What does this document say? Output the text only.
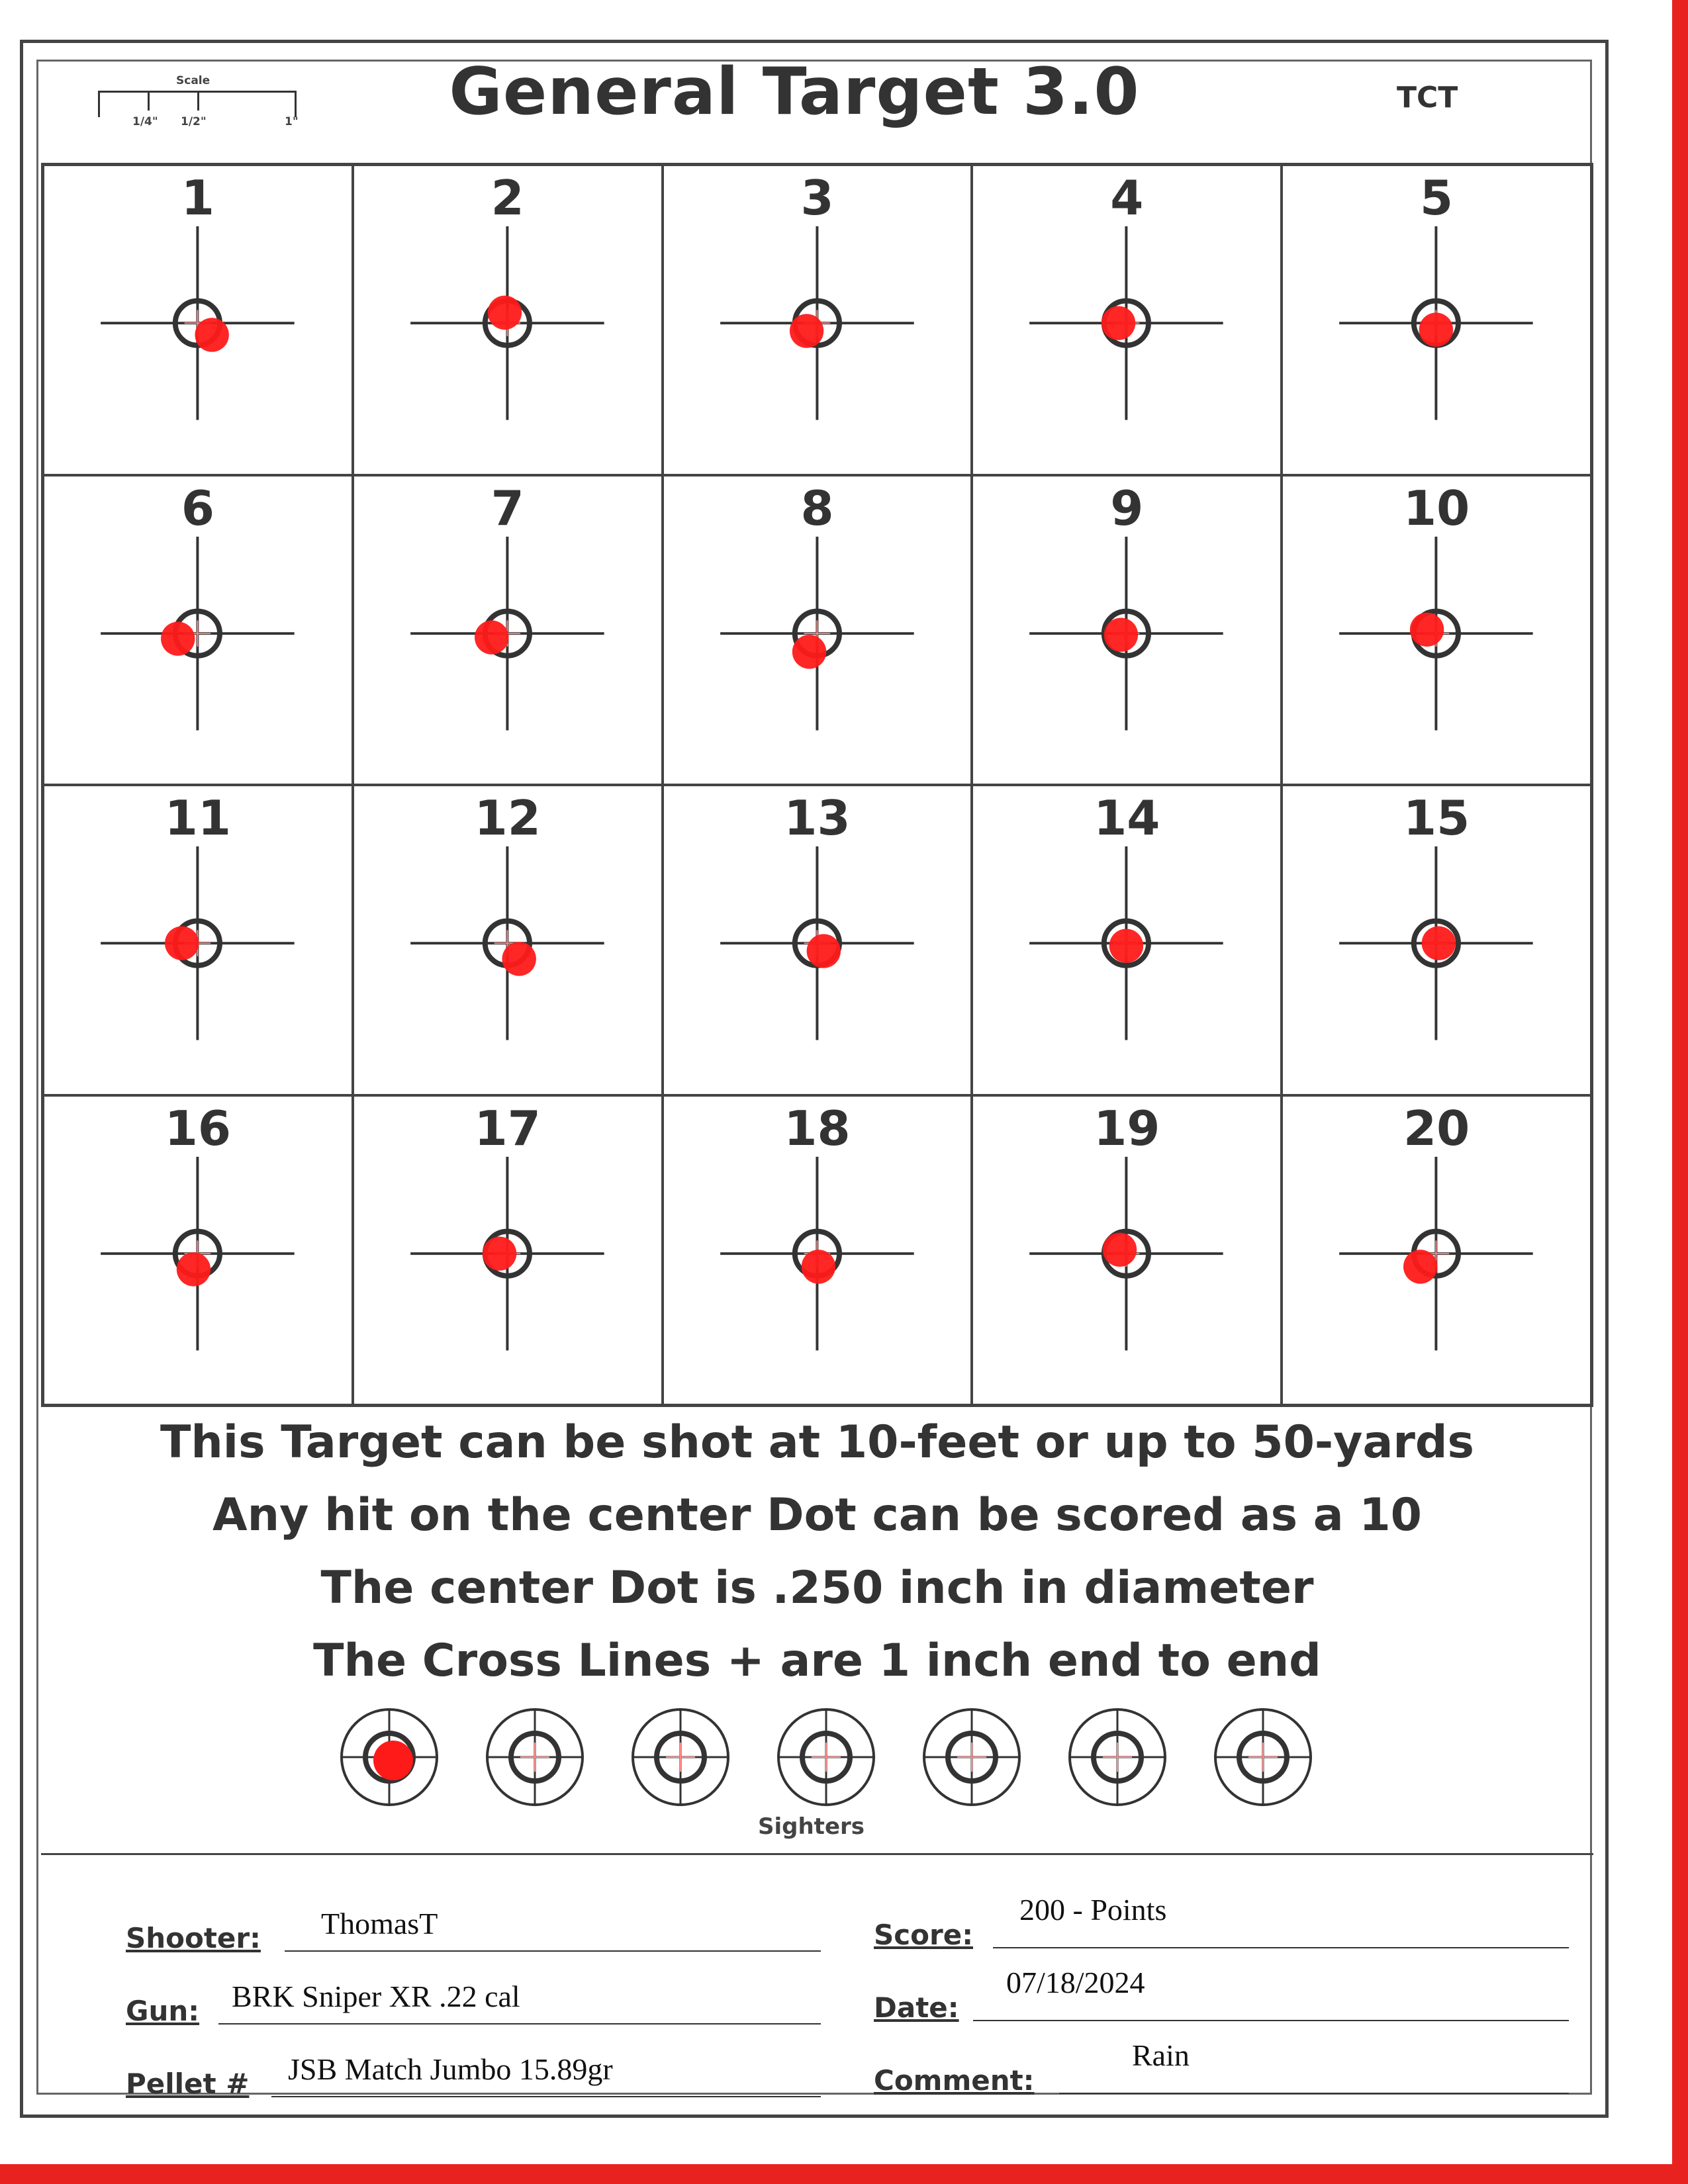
Scale
1/4" 1/2"	1"	General Target 3.0	TCT
1	2	3	4	5
6	7	8	9	10
11	12	13	14	15
16	17	18	19	20
This Target can be shot at 10-feet or up to 50-yards
Any hit on the center Dot can be scored as a 10
The center Dot is .250 inch in diameter
The Cross Lines + are 1 inch end to end
Sighters
Shooter: ThomasT
Gun: BRK Sniper XR .22 cal
Pellet # JSB Match Jumbo 15.89gr
Score:
200 - Points
Date:
07/18/2024
Comment:
Rain
